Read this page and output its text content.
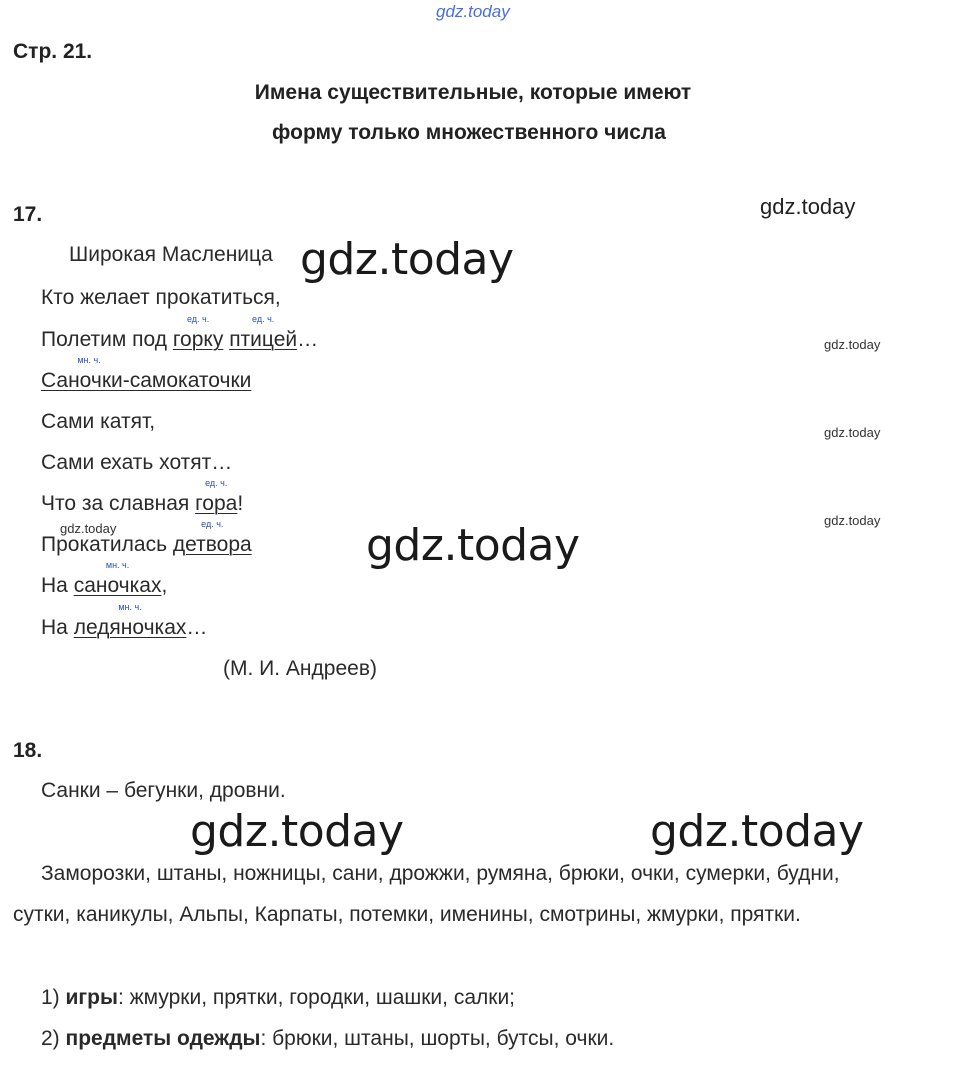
gdz.today
gdz.today
gdz.today
gdz.today
gdz.today
gdz.today
gdz.today	gdz.today
gdz.today	gdz.today
Стр. 21.
Имена существительные, которые имеют
форму только множественного числа
17.
Широкая Масленица
Кто желает прокатиться,
Полетим под
ед. ч.
горку
ед. ч.
птицей…
мн. ч.
Саночки-самокаточки
Сами катят,
Сами ехать хотят…
Что за славная
ед. ч.
гора!
Прокатилась
ед. ч.
детвора
На
мн. ч.
саночках,
На
мн. ч.
ледяночках…
(М. И. Андреев)
18.
Санки – бегунки, дровни.
Заморозки, штаны, ножницы, сани, дрожжи, румяна, брюки, очки, сумерки, будни,
сутки, каникулы, Альпы, Карпаты, потемки, именины, смотрины, жмурки, прятки.
1) игры: жмурки, прятки, городки, шашки, салки;
2) предметы одежды: брюки, штаны, шорты, бутсы, очки.
